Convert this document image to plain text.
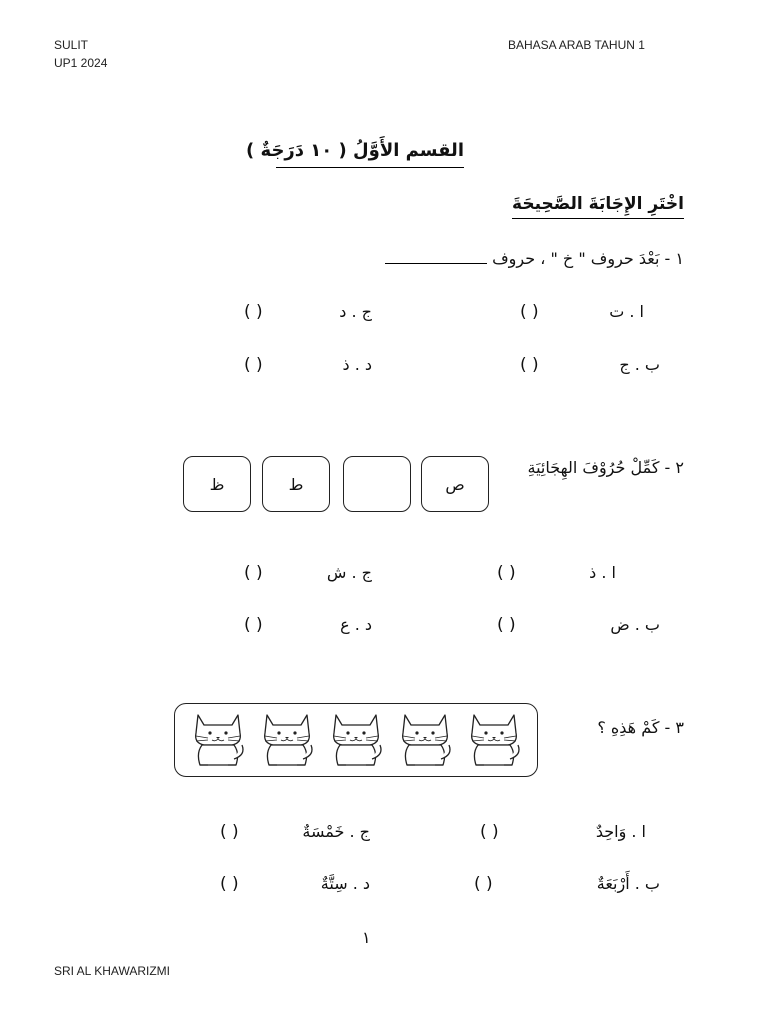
SULIT
UP1 2024
BAHASA ARAB TAHUN 1
القسم الأَوَّلُ ( ١٠ دَرَجَةٌ )
اخْتَرِ الإِجَابَةَ الصَّحِيحَةَ
١ - بَعْدَ حروف " خ " ، حروف
ا . ت
( )
ج . د
( )
ب . ج
( )
د . ذ
( )
٢ - كَمِّلْ حُرُوْفَ الهِجَائِيَةِ
ص
ط
ظ
ا . ذ
( )
ج . ش
( )
ب . ض
( )
د . ع
( )
٣ - كَمْ هَذِهِ ؟
ا . وَاحِدٌ
( )
ج . خَمْسَةٌ
( )
ب . أَرْبَعَةٌ
( )
د . سِتَّةٌ
( )
١
SRI AL KHAWARIZMI
